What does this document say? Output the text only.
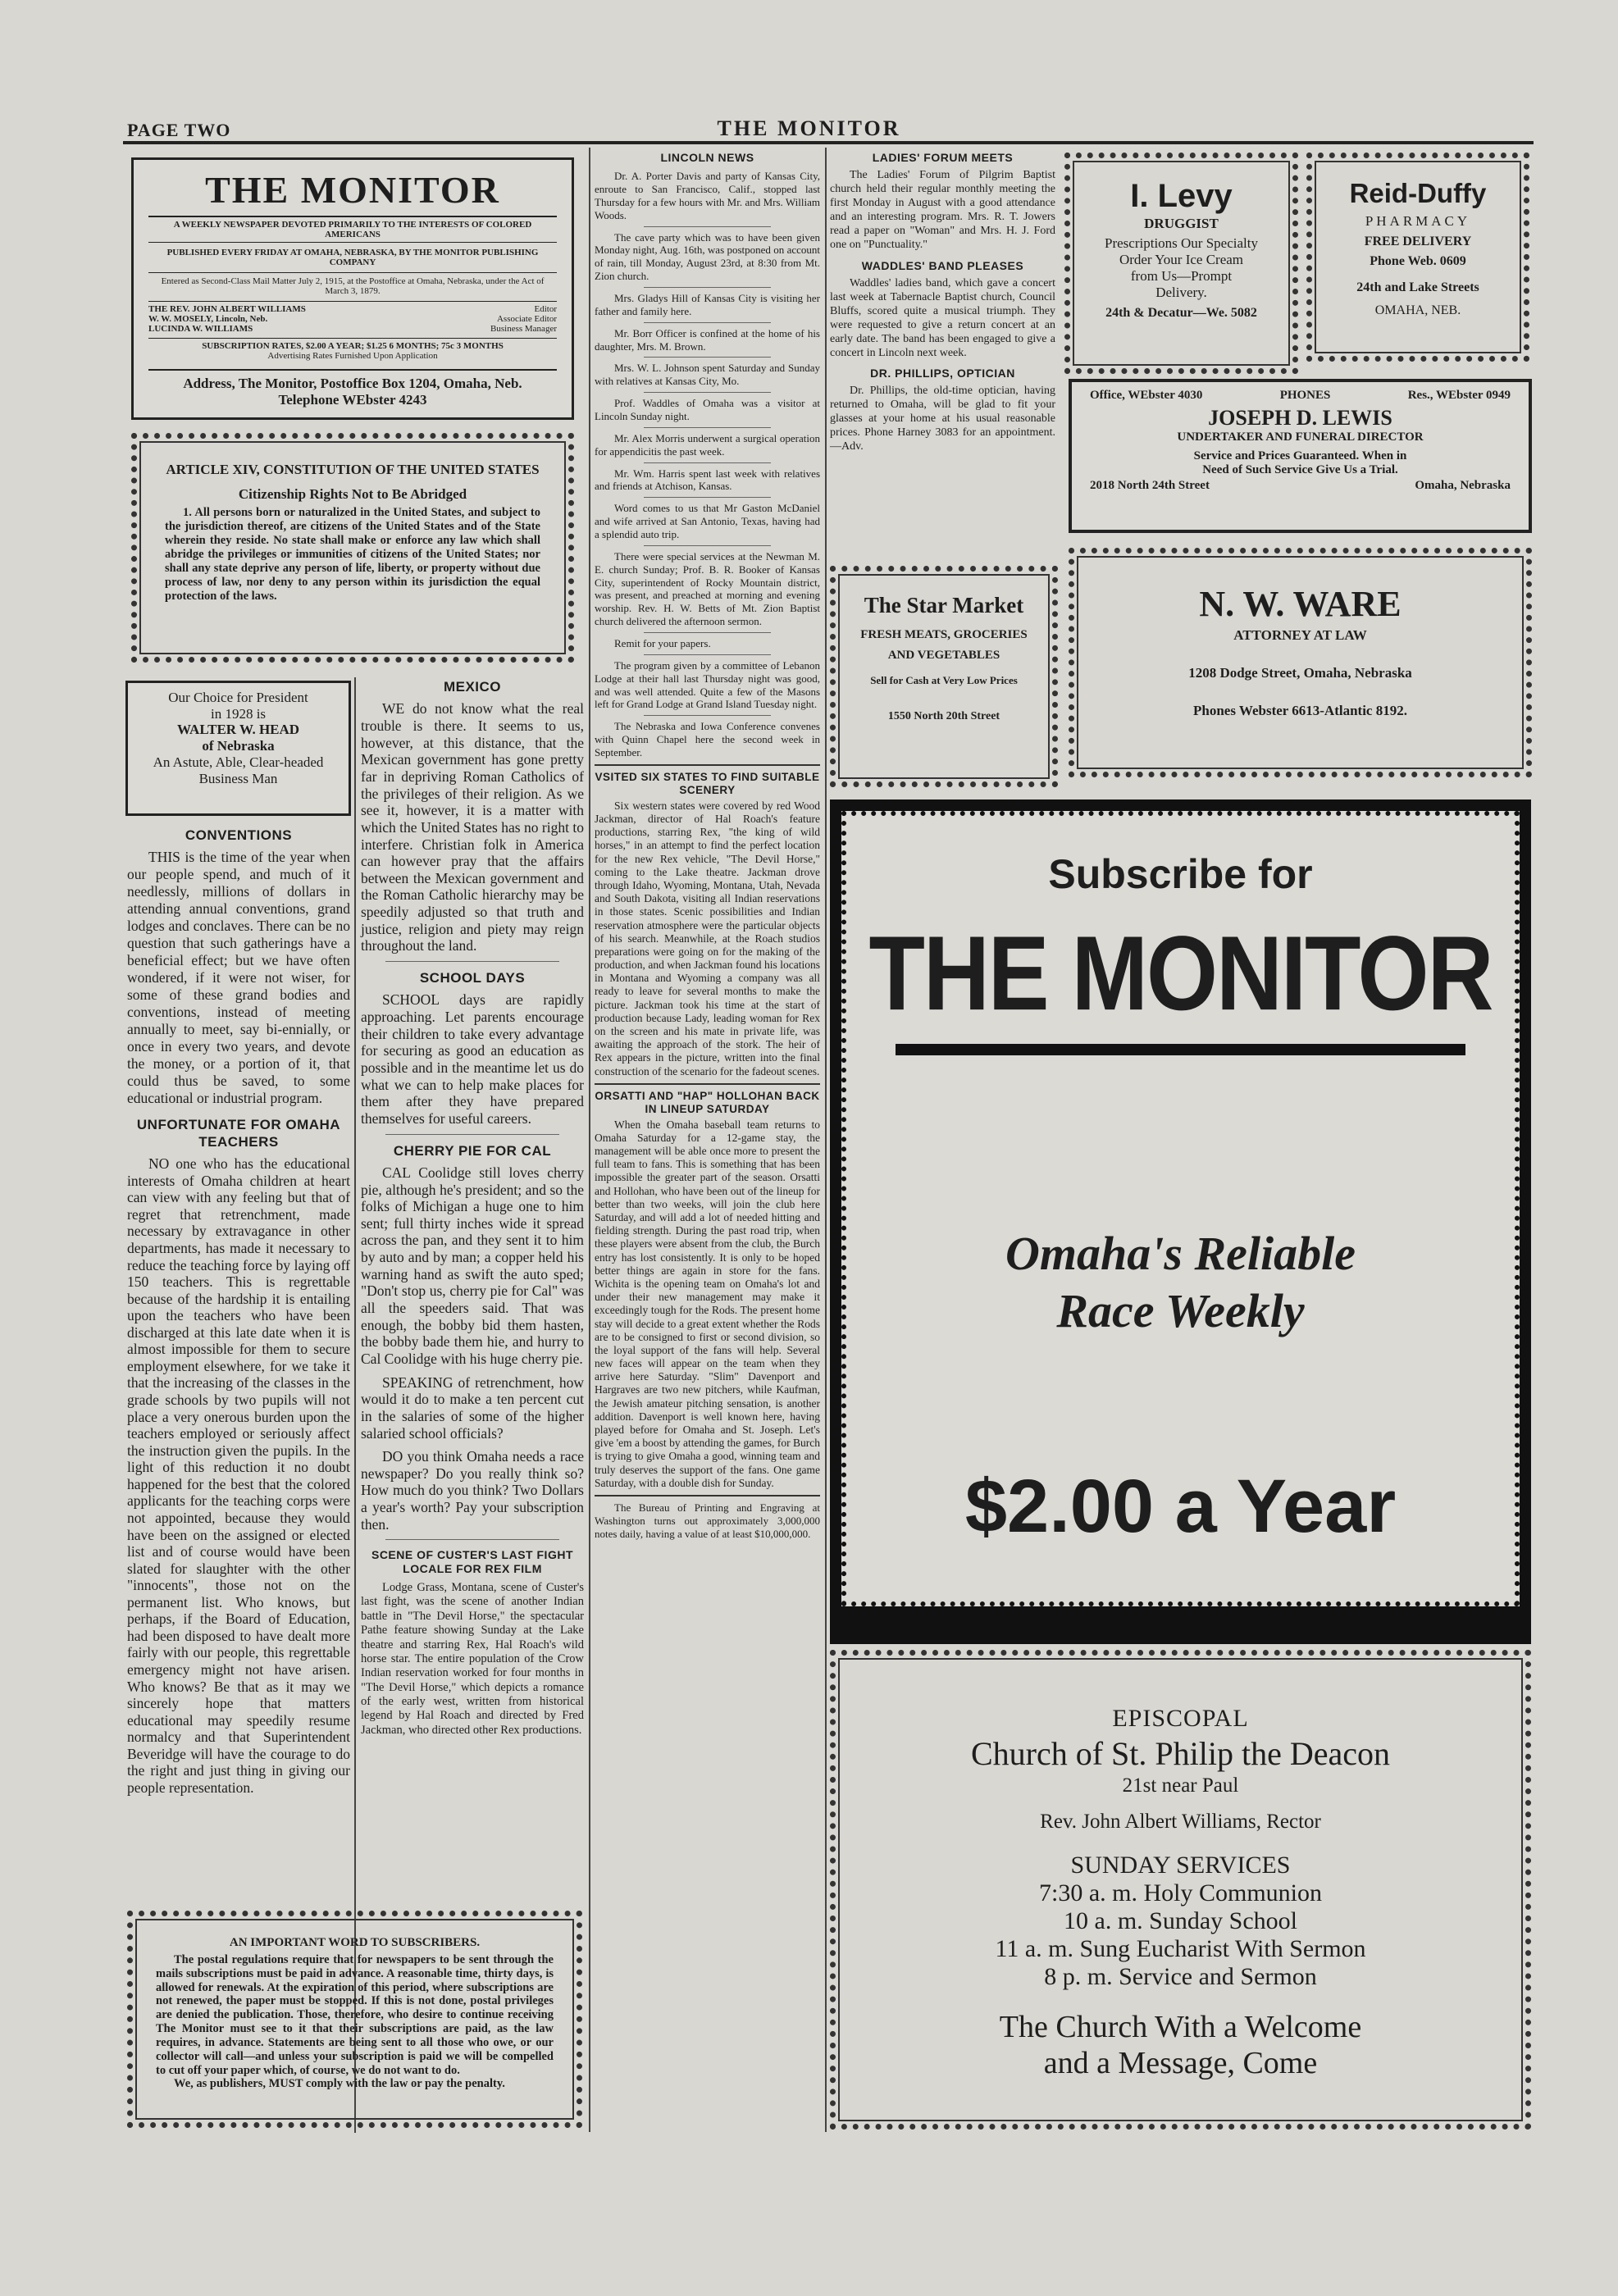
PAGE TWO	THE MONITOR
THE MONITOR
A WEEKLY NEWSPAPER DEVOTED PRIMARILY TO THE INTERESTS OF COLORED AMERICANS
PUBLISHED EVERY FRIDAY AT OMAHA, NEBRASKA, BY THE MONITOR PUBLISHING COMPANY
Entered as Second-Class Mail Matter July 2, 1915, at the Postoffice at Omaha, Nebraska, under the Act of March 3, 1879.
THE REV. JOHN ALBERT WILLIAMS	Editor
W. W. MOSELY, Lincoln, Neb.	Associate Editor
LUCINDA W. WILLIAMS	Business Manager
SUBSCRIPTION RATES, $2.00 A YEAR; $1.25 6 MONTHS; 75c 3 MONTHS
Advertising Rates Furnished Upon Application
Address, The Monitor, Postoffice Box 1204, Omaha, Neb.
Telephone WEbster 4243
ARTICLE XIV, CONSTITUTION OF THE UNITED STATES
Citizenship Rights Not to Be Abridged
1. All persons born or naturalized in the United States, and subject to the jurisdiction thereof, are citizens of the United States and of the State wherein they reside. No state shall make or enforce any law which shall abridge the privileges or immunities of citizens of the United States; nor shall any state deprive any person of life, liberty, or property without due process of law, nor deny to any person within its jurisdiction the equal protection of the laws.
Our Choice for President
in 1928 is
WALTER W. HEAD
of Nebraska
An Astute, Able, Clear-headed Business Man
CONVENTIONS

THIS is the time of the year when our people spend, and much of it needlessly, millions of dollars in attending annual conventions, grand lodges and conclaves. There can be no question that such gatherings have a beneficial effect; but we have often wondered, if it were not wiser, for some of these grand bodies and conventions, instead of meeting annually to meet, say bi-ennially, or once in every two years, and devote the money, or a portion of it, that could thus be saved, to some educational or industrial program.

UNFORTUNATE FOR OMAHA TEACHERS

NO one who has the educational interests of Omaha children at heart can view with any feeling but that of regret that retrenchment, made necessary by extravagance in other departments, has made it necessary to reduce the teaching force by laying off 150 teachers. This is regrettable because of the hardship it is entailing upon the teachers who have been discharged at this late date when it is almost impossible for them to secure employment elsewhere, for we take it that the increasing of the classes in the grade schools by two pupils will not place a very onerous burden upon the teachers employed or seriously affect the instruction given the pupils. In the light of this reduction it no doubt happened for the best that the colored applicants for the teaching corps were not appointed, because they would have been on the assigned or elected list and of course would have been slated for slaughter with the other "innocents", those not on the permanent list. Who knows, but perhaps, if the Board of Education, had been disposed to have dealt more fairly with our people, this regrettable emergency might not have arisen. Who knows? Be that as it may we sincerely hope that matters educational may speedily resume normalcy and that Superintendent Beveridge will have the courage to do the right and just thing in giving our people representation.

MEXICO

WE do not know what the real trouble is there. It seems to us, however, at this distance, that the Mexican government has gone pretty far in depriving Roman Catholics of the privileges of their religion. As we see it, however, it is a matter with which the United States has no right to interfere. Christian folk in America can however pray that the affairs between the Mexican government and the Roman Catholic hierarchy may be speedily adjusted so that truth and justice, religion and piety may reign throughout the land.

SCHOOL DAYS

SCHOOL days are rapidly approaching. Let parents encourage their children to take every advantage for securing as good an education as possible and in the meantime let us do what we can to help make places for them after they have prepared themselves for useful careers.

CHERRY PIE FOR CAL

CAL Coolidge still loves cherry pie, although he's president; and so the folks of Michigan a huge one to him sent; full thirty inches wide it spread across the pan, and they sent it to him by auto and by man; a copper held his warning hand as swift the auto sped; "Don't stop us, cherry pie for Cal" was all the speeders said. That was enough, the bobby bid them hasten, the bobby bade them hie, and hurry to Cal Coolidge with his huge cherry pie.

SPEAKING of retrenchment, how would it do to make a ten percent cut in the salaries of some of the higher salaried school officials?

DO you think Omaha needs a race newspaper? Do you really think so? How much do you think? Two Dollars a year's worth? Pay your subscription then.

SCENE OF CUSTER'S LAST FIGHT LOCALE FOR REX FILM

Lodge Grass, Montana, scene of Custer's last fight, was the scene of another Indian battle in "The Devil Horse," the spectacular Pathe feature showing Sunday at the Lake theatre and starring Rex, Hal Roach's wild horse star. The entire population of the Crow Indian reservation worked for four months in "The Devil Horse," which depicts a romance of the early west, written from historical legend by Hal Roach and directed by Fred Jackman, who directed other Rex productions.

AN IMPORTANT WORD TO SUBSCRIBERS.
The postal regulations require that for newspapers to be sent through the mails subscriptions must be paid in advance. A reasonable time, thirty days, is allowed for renewals. At the expiration of this period, where subscriptions are not renewed, the paper must be stopped. If this is not done, postal privileges are denied the publication. Those, therefore, who desire to continue receiving The Monitor must see to it that their subscriptions are paid, as the law requires, in advance. Statements are being sent to all those who owe, or our collector will call—and unless your subscription is paid we will be compelled to cut off your paper which, of course, we do not want to do.
We, as publishers, MUST comply with the law or pay the penalty.
LINCOLN NEWS

Dr. A. Porter Davis and party of Kansas City, enroute to San Francisco, Calif., stopped last Thursday for a few hours with Mr. and Mrs. William Woods.

The cave party which was to have been given Monday night, Aug. 16th, was postponed on account of rain, till Monday, August 23rd, at 8:30 from Mt. Zion church.

Mrs. Gladys Hill of Kansas City is visiting her father and family here.

Mr. Borr Officer is confined at the home of his daughter, Mrs. M. Brown.

Mrs. W. L. Johnson spent Saturday and Sunday with relatives at Kansas City, Mo.

Prof. Waddles of Omaha was a visitor at Lincoln Sunday night.

Mr. Alex Morris underwent a surgical operation for appendicitis the past week.

Mr. Wm. Harris spent last week with relatives and friends at Atchison, Kansas.

Word comes to us that Mr Gaston McDaniel and wife arrived at San Antonio, Texas, having had a splendid auto trip.

There were special services at the Newman M. E. church Sunday; Prof. B. R. Booker of Kansas City, superintendent of Rocky Mountain district, was present, and preached at morning and evening worship. Rev. H. W. Betts of Mt. Zion Baptist church delivered the afternoon sermon.

Remit for your papers.

The program given by a committee of Lebanon Lodge at their hall last Thursday night was good, and was well attended. Quite a few of the Masons left for Grand Lodge at Grand Island Tuesday night.

The Nebraska and Iowa Conference convenes with Quinn Chapel here the second week in September.

VSITED SIX STATES TO FIND SUITABLE SCENERY

Six western states were covered by red Wood Jackman, director of Hal Roach's feature productions, starring Rex, "the king of wild horses," in an attempt to find the perfect location for the new Rex vehicle, "The Devil Horse," coming to the Lake theatre. Jackman drove through Idaho, Wyoming, Montana, Utah, Nevada and South Dakota, visiting all Indian reservations in those states. Scenic possibilities and Indian reservation atmosphere were the particular objects of his search. Meanwhile, at the Roach studios preparations were going on for the making of the production, and when Jackman found his locations in Montana and Wyoming a company was all ready to leave for several months to make the picture. Jackman took his time at the start of production because Lady, leading woman for Rex on the screen and his mate in private life, was awaiting the approach of the stork. The heir of Rex appears in the picture, written into the final construction of the scenario for the fadeout scenes.

ORSATTI AND "HAP" HOLLOHAN BACK IN LINEUP SATURDAY

When the Omaha baseball team returns to Omaha Saturday for a 12-game stay, the management will be able once more to present the full team to fans. This is something that has been impossible the greater part of the season. Orsatti and Hollohan, who have been out of the lineup for better than two weeks, will join the club here Saturday, and will add a lot of needed hitting and fielding strength. During the past road trip, when these players were absent from the club, the Burch entry has lost consistently. It is only to be hoped better things are again in store for the fans. Wichita is the opening team on Omaha's lot and under their new management may make it exceedingly tough for the Rods. The present home stay will decide to a great extent whether the Rods are to be consigned to first or second division, so the loyal support of the fans will help. Several new faces will appear on the team when they arrive here Saturday. "Slim" Davenport and Hargraves are two new pitchers, while Kaufman, the Jewish amateur pitching sensation, is another addition. Davenport is well known here, having played before for Omaha and St. Joseph. Let's give 'em a boost by attending the games, for Burch is trying to give Omaha a good, winning team and truly deserves the support of the fans. One game Saturday, with a double dish for Sunday.

The Bureau of Printing and Engraving at Washington turns out approximately 3,000,000 notes daily, having a value of at least $10,000,000.

LADIES' FORUM MEETS

The Ladies' Forum of Pilgrim Baptist church held their regular monthly meeting the first Monday in August with a good attendance and an interesting program. Mrs. R. T. Jowers read a paper on "Woman" and Mrs. H. J. Ford one on "Punctuality."

WADDLES' BAND PLEASES

Waddles' ladies band, which gave a concert last week at Tabernacle Baptist church, Council Bluffs, scored quite a musical triumph. They were requested to give a return concert at an early date. The band has been engaged to give a concert in Lincoln next week.

DR. PHILLIPS, OPTICIAN

Dr. Phillips, the old-time optician, having returned to Omaha, will be glad to fit your glasses at your home at his usual reasonable prices. Phone Harney 3083 for an appointment.—Adv.

The Star Market
FRESH MEATS, GROCERIES
AND VEGETABLES
Sell for Cash at Very Low Prices
1550 North 20th Street
I. Levy
DRUGGIST
Prescriptions Our Specialty
Order Your Ice Cream
from Us—Prompt
Delivery.
24th & Decatur—We. 5082
Reid-Duffy
PHARMACY
FREE DELIVERY
Phone Web. 0609
24th and Lake Streets
OMAHA, NEB.
Office, WEbster 4030	PHONES	Res., WEbster 0949
JOSEPH D. LEWIS
UNDERTAKER AND FUNERAL DIRECTOR
Service and Prices Guaranteed. When in
Need of Such Service Give Us a Trial.
2018 North 24th Street	Omaha, Nebraska
N. W. WARE
ATTORNEY AT LAW
1208 Dodge Street, Omaha, Nebraska
Phones Webster 6613-Atlantic 8192.
Subscribe for
THE MONITOR
Omaha's Reliable
Race Weekly
$2.00 a Year
EPISCOPAL
Church of St. Philip the Deacon
21st near Paul
Rev. John Albert Williams, Rector
SUNDAY SERVICES
7:30 a. m. Holy Communion
10 a. m. Sunday School
11 a. m. Sung Eucharist With Sermon
8 p. m. Service and Sermon
The Church With a Welcome
and a Message, Come
